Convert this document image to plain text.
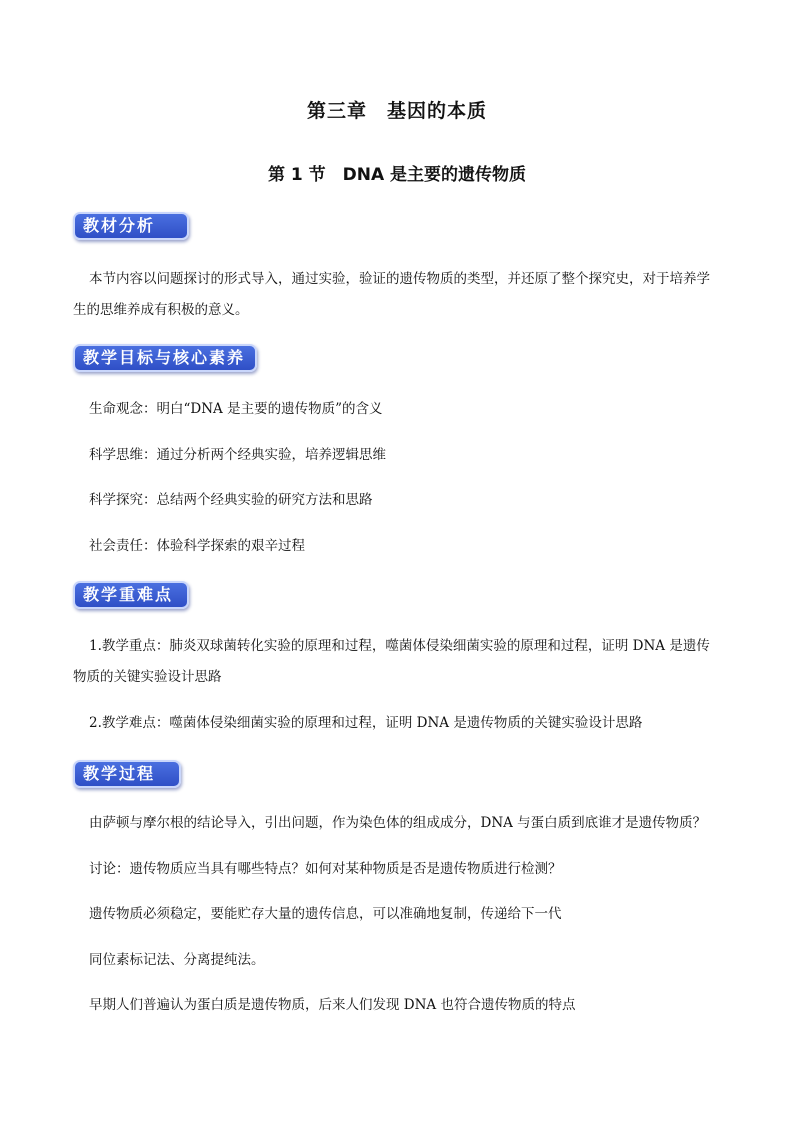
第三章　基因的本质
第 1 节　DNA 是主要的遗传物质
教材分析
本节内容以问题探讨的形式导入，通过实验，验证的遗传物质的类型，并还原了整个探究史，对于培养学生的思维养成有积极的意义。
教学目标与核心素养
生命观念：明白“DNA 是主要的遗传物质”的含义
科学思维：通过分析两个经典实验，培养逻辑思维
科学探究：总结两个经典实验的研究方法和思路
社会责任：体验科学探索的艰辛过程
教学重难点
1.教学重点：肺炎双球菌转化实验的原理和过程，噬菌体侵染细菌实验的原理和过程，证明 DNA 是遗传物质的关键实验设计思路
2.教学难点：噬菌体侵染细菌实验的原理和过程，证明 DNA 是遗传物质的关键实验设计思路
教学过程
由萨顿与摩尔根的结论导入，引出问题，作为染色体的组成成分，DNA 与蛋白质到底谁才是遗传物质？
讨论：遗传物质应当具有哪些特点？如何对某种物质是否是遗传物质进行检测？
遗传物质必须稳定，要能贮存大量的遗传信息，可以准确地复制，传递给下一代
同位素标记法、分离提纯法。
早期人们普遍认为蛋白质是遗传物质，后来人们发现 DNA 也符合遗传物质的特点
